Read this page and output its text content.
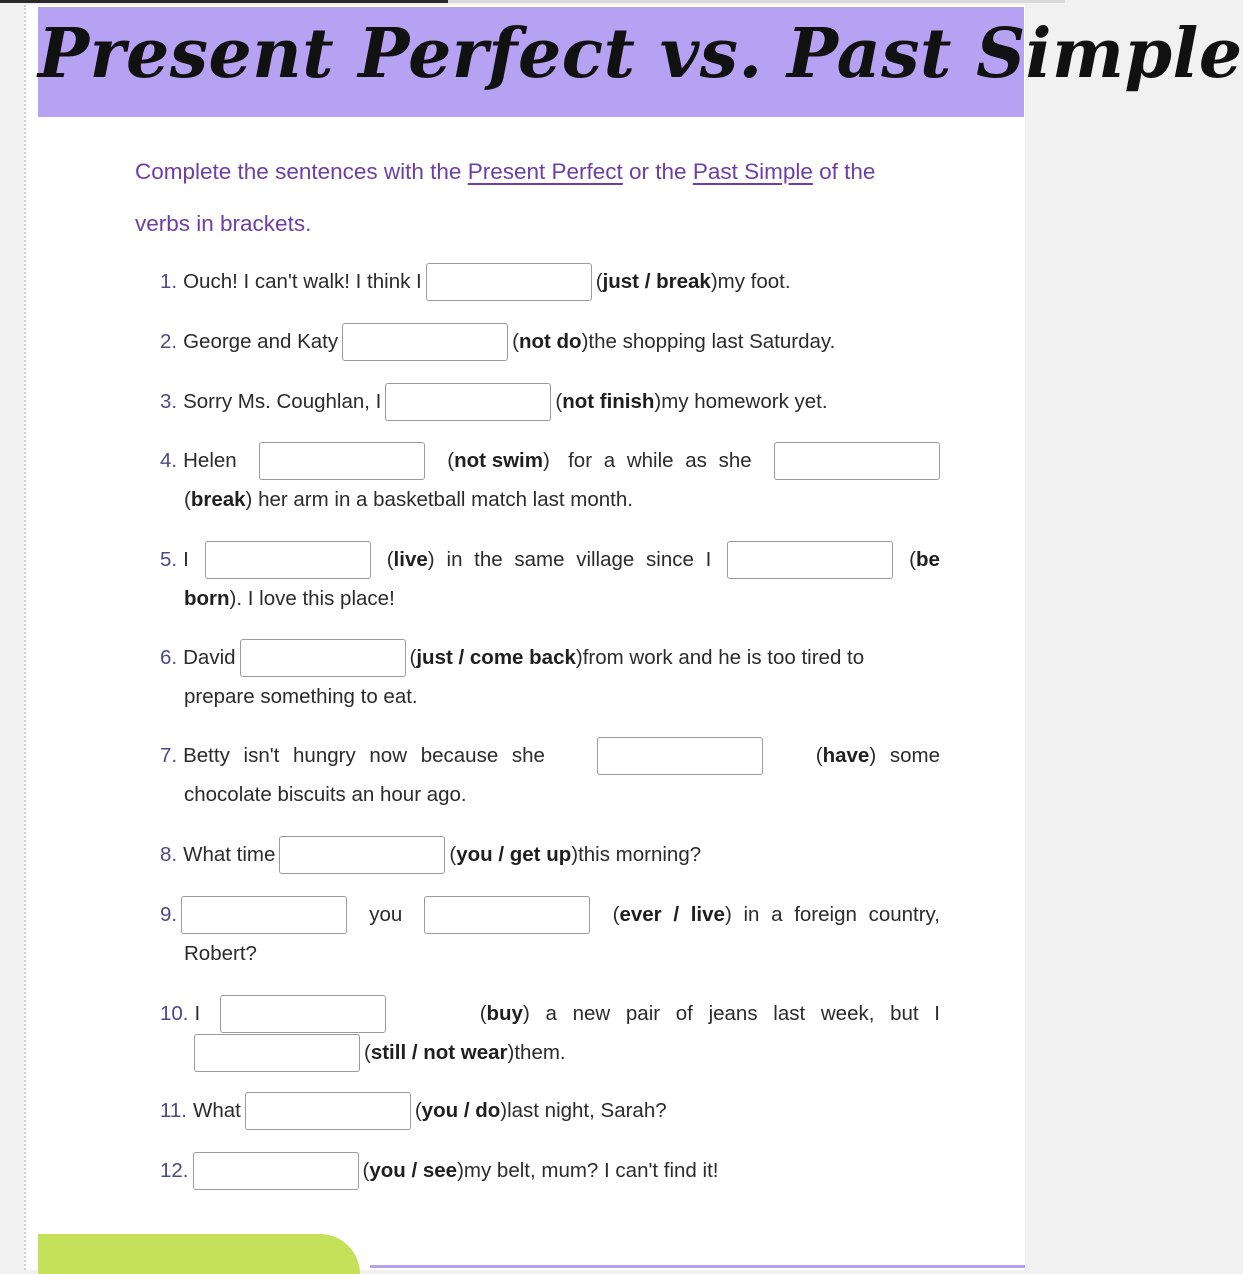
Present Perfect vs. Past Simple
Complete the sentences with the Present Perfect or the Past Simple of the
verbs in brackets.
1. Ouch! I can't walk! I think I	(just / break) my foot.
2. George and Katy	(not do) the shopping last Saturday.
3. Sorry Ms. Coughlan, I	(not finish) my homework yet.
4. Helen	(not swim) for a while as she
(break) her arm in a basketball match last month.
5. I	(live) in the same village since I	(be
born). I love this place!
6. David	(just / come back) from work and he is too tired to
prepare something to eat.
7. Betty isn't hungry now because she	(have) some
chocolate biscuits an hour ago.
8. What time	(you / get up) this morning?
9.	you	(ever / live) in a foreign country,
Robert?
10. I	(buy) a new pair of jeans last week, but I
(still / not wear) them.
11. What	(you / do) last night, Sarah?
12.	(you / see) my belt, mum? I can't find it!
